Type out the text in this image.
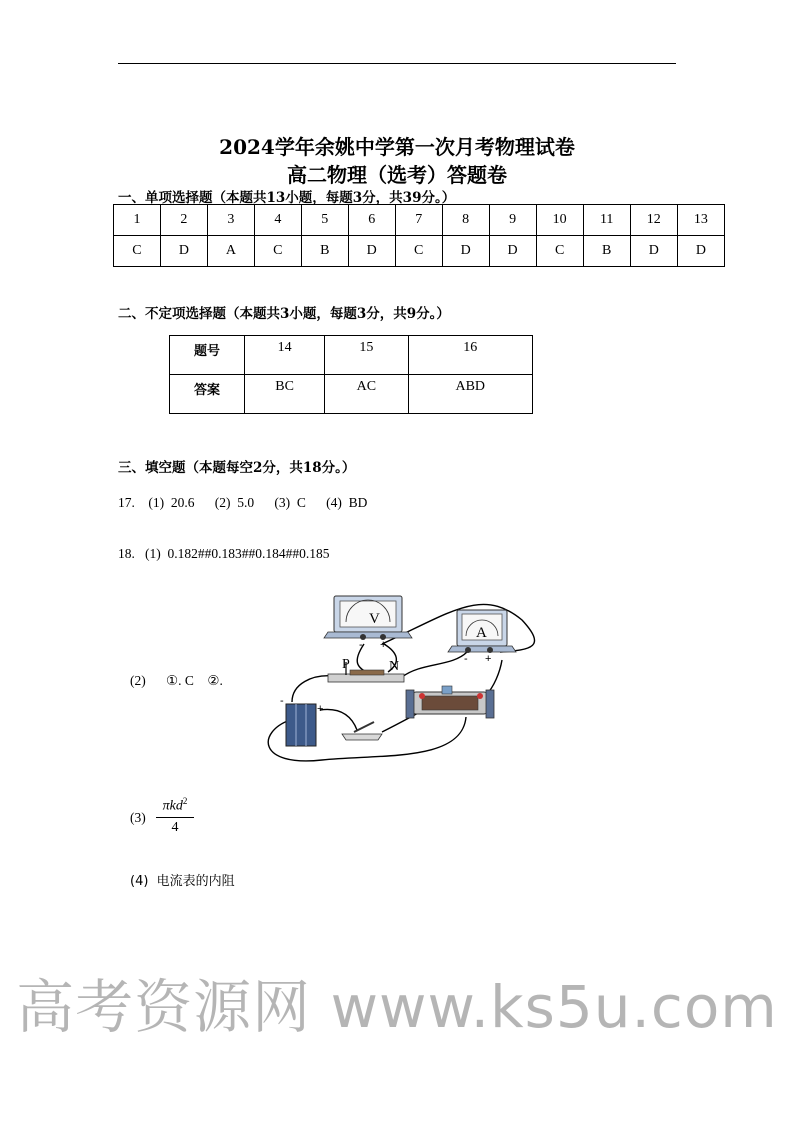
2024学年余姚中学第一次月考物理试卷
高二物理（选考）答题卷
一、单项选择题（本题共13小题，每题3分，共39分。）
1	2	3	4	5	6	7	8	9	10	11	12	13
C	D	A	C	B	D	C	D	D	C	B	D	D
二、不定项选择题（本题共3小题，每题3分，共9分。）
题号	14	15	16
答案	BC	AC	ABD
三、填空题（本题每空2分，共18分。）
17.    (1)  20.6      (2)  5.0      (3)  C      (4)  BD
18.   (1)  0.182##0.183##0.184##0.185
(2)      ①. C    ②.
V
- +
A
- +
P	N
-
+
(3)
πkd$^2$
4
(4)  电流表的内阻
高考资源网 www.ks5u.com
